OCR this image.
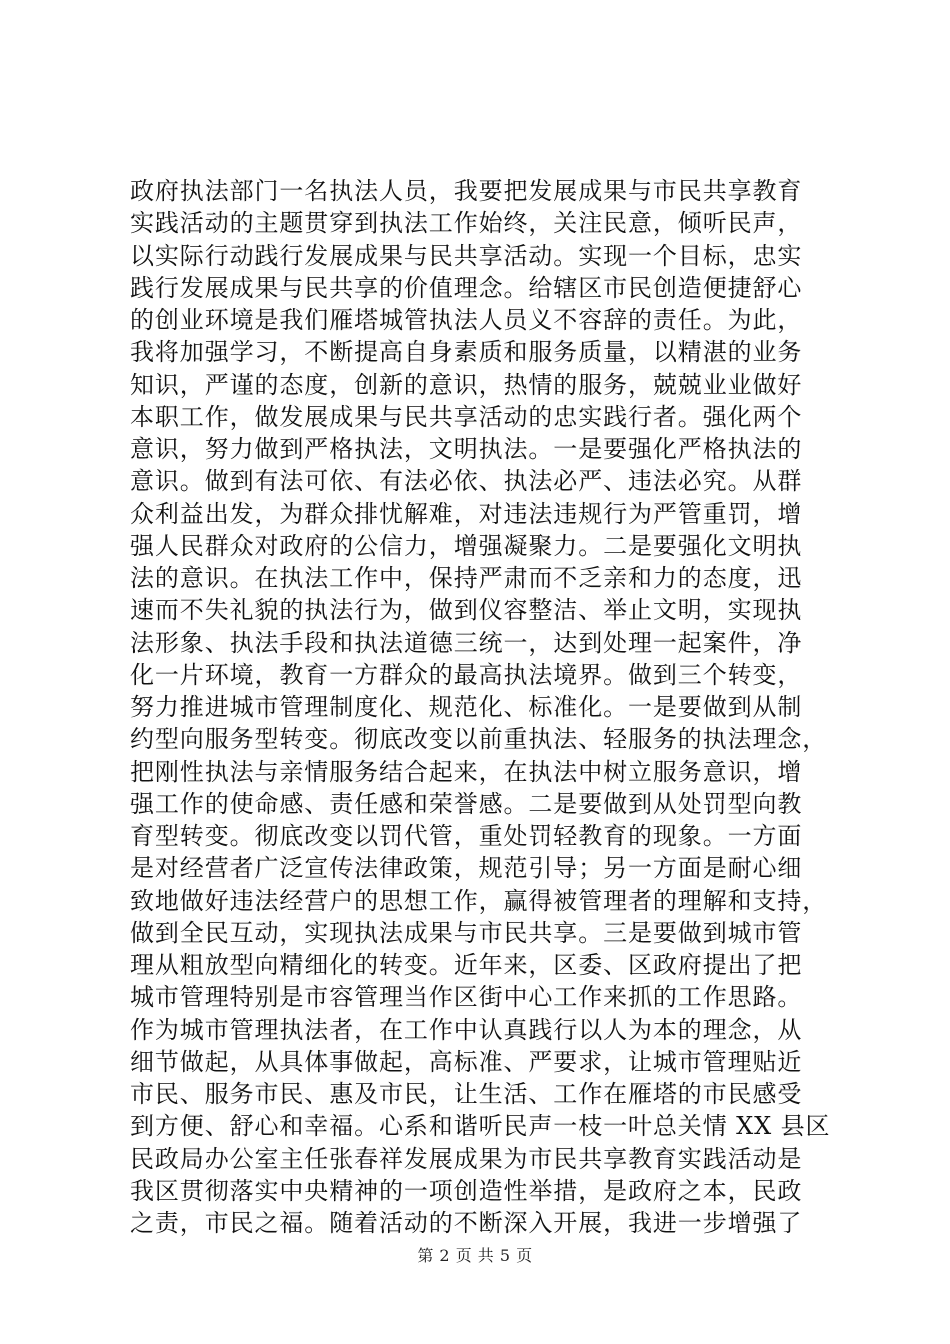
政府执法部门一名执法人员，我要把发展成果与市民共享教育
实践活动的主题贯穿到执法工作始终，关注民意，倾听民声，
以实际行动践行发展成果与民共享活动。实现一个目标，忠实
践行发展成果与民共享的价值理念。给辖区市民创造便捷舒心
的创业环境是我们雁塔城管执法人员义不容辞的责任。为此，
我将加强学习，不断提高自身素质和服务质量，以精湛的业务
知识，严谨的态度，创新的意识，热情的服务，兢兢业业做好
本职工作，做发展成果与民共享活动的忠实践行者。强化两个
意识，努力做到严格执法，文明执法。一是要强化严格执法的
意识。做到有法可依、有法必依、执法必严、违法必究。从群
众利益出发，为群众排忧解难，对违法违规行为严管重罚，增
强人民群众对政府的公信力，增强凝聚力。二是要强化文明执
法的意识。在执法工作中，保持严肃而不乏亲和力的态度，迅
速而不失礼貌的执法行为，做到仪容整洁、举止文明，实现执
法形象、执法手段和执法道德三统一，达到处理一起案件，净
化一片环境，教育一方群众的最高执法境界。做到三个转变，
努力推进城市管理制度化、规范化、标准化。一是要做到从制
约型向服务型转变。彻底改变以前重执法、轻服务的执法理念，
把刚性执法与亲情服务结合起来，在执法中树立服务意识，增
强工作的使命感、责任感和荣誉感。二是要做到从处罚型向教
育型转变。彻底改变以罚代管，重处罚轻教育的现象。一方面
是对经营者广泛宣传法律政策，规范引导；另一方面是耐心细
致地做好违法经营户的思想工作，赢得被管理者的理解和支持，
做到全民互动，实现执法成果与市民共享。三是要做到城市管
理从粗放型向精细化的转变。近年来，区委、区政府提出了把
城市管理特别是市容管理当作区街中心工作来抓的工作思路。
作为城市管理执法者，在工作中认真践行以人为本的理念，从
细节做起，从具体事做起，高标准、严要求，让城市管理贴近
市民、服务市民、惠及市民，让生活、工作在雁塔的市民感受
到方便、舒心和幸福。心系和谐听民声一枝一叶总关情 XX 县区
民政局办公室主任张春祥发展成果为市民共享教育实践活动是
我区贯彻落实中央精神的一项创造性举措，是政府之本，民政
之责，市民之福。随着活动的不断深入开展，我进一步增强了
第 2 页 共 5 页
